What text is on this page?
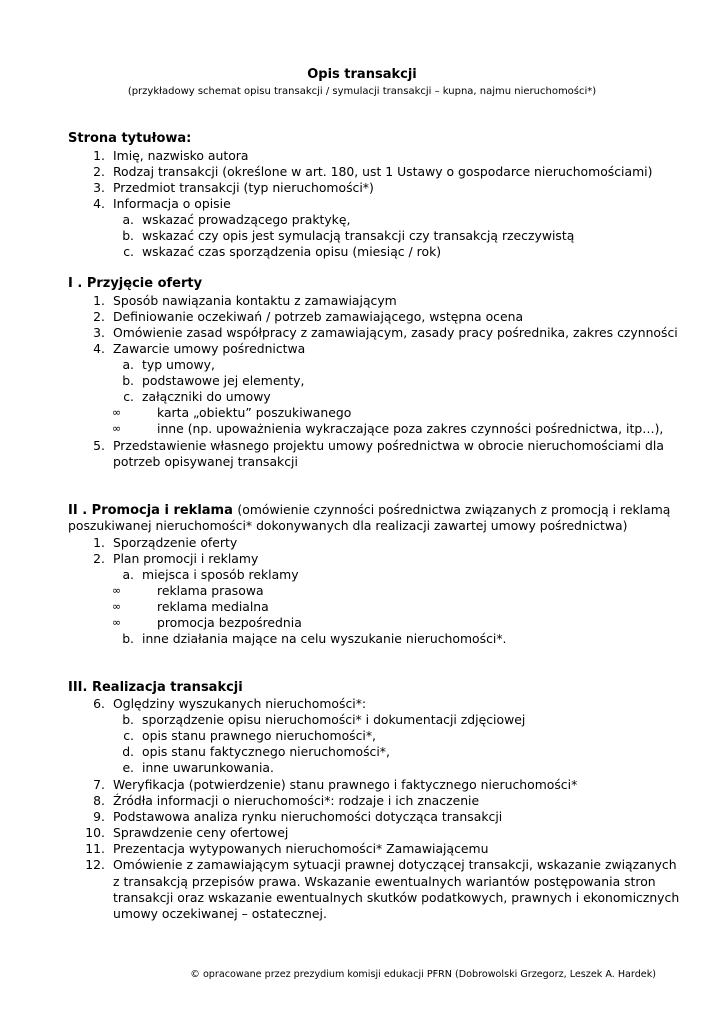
Opis transakcji
(przykładowy schemat opisu transakcji / symulacji transakcji – kupna, najmu nieruchomości*)
Strona tytułowa:
1. Imię, nazwisko autora
2. Rodzaj transakcji (określone w art. 180, ust 1 Ustawy o gospodarce nieruchomościami)
3. Przedmiot transakcji (typ nieruchomości*)
4. Informacja o opisie
a. wskazać prowadzącego praktykę,
b. wskazać czy opis jest symulacją transakcji czy transakcją rzeczywistą
c. wskazać czas sporządzenia opisu (miesiąc / rok)
I . Przyjęcie oferty
1. Sposób nawiązania kontaktu z zamawiającym
2. Definiowanie oczekiwań / potrzeb zamawiającego, wstępna ocena
3. Omówienie zasad współpracy z zamawiającym, zasady pracy pośrednika, zakres czynności
4. Zawarcie umowy pośrednictwa
a. typ umowy,
b. podstawowe jej elementy,
c. załączniki do umowy
∞	karta „obiektu” poszukiwanego
∞	inne (np. upoważnienia wykraczające poza zakres czynności pośrednictwa, itp…),
5. Przedstawienie własnego projektu umowy pośrednictwa w obrocie nieruchomościami dla
potrzeb opisywanej transakcji
II . Promocja i reklama (omówienie czynności pośrednictwa związanych z promocją i reklamą
poszukiwanej nieruchomości* dokonywanych dla realizacji zawartej umowy pośrednictwa)
1. Sporządzenie oferty
2. Plan promocji i reklamy
a. miejsca i sposób reklamy
∞	reklama prasowa
∞	reklama medialna
∞	promocja bezpośrednia
b. inne działania mające na celu wyszukanie nieruchomości*.
III. Realizacja transakcji
6. Oględziny wyszukanych nieruchomości*:
b. sporządzenie opisu nieruchomości* i dokumentacji zdjęciowej
c. opis stanu prawnego nieruchomości*,
d. opis stanu faktycznego nieruchomości*,
e. inne uwarunkowania.
7. Weryfikacja (potwierdzenie) stanu prawnego i faktycznego nieruchomości*
8. Źródła informacji o nieruchomości*: rodzaje i ich znaczenie
9. Podstawowa analiza rynku nieruchomości dotycząca transakcji
10. Sprawdzenie ceny ofertowej
11. Prezentacja wytypowanych nieruchomości* Zamawiającemu
12. Omówienie z zamawiającym sytuacji prawnej dotyczącej transakcji, wskazanie związanych
z transakcją przepisów prawa. Wskazanie ewentualnych wariantów postępowania stron
transakcji oraz wskazanie ewentualnych skutków podatkowych, prawnych i ekonomicznych
umowy oczekiwanej – ostatecznej.
© opracowane przez prezydium komisji edukacji PFRN (Dobrowolski Grzegorz, Leszek A. Hardek)
